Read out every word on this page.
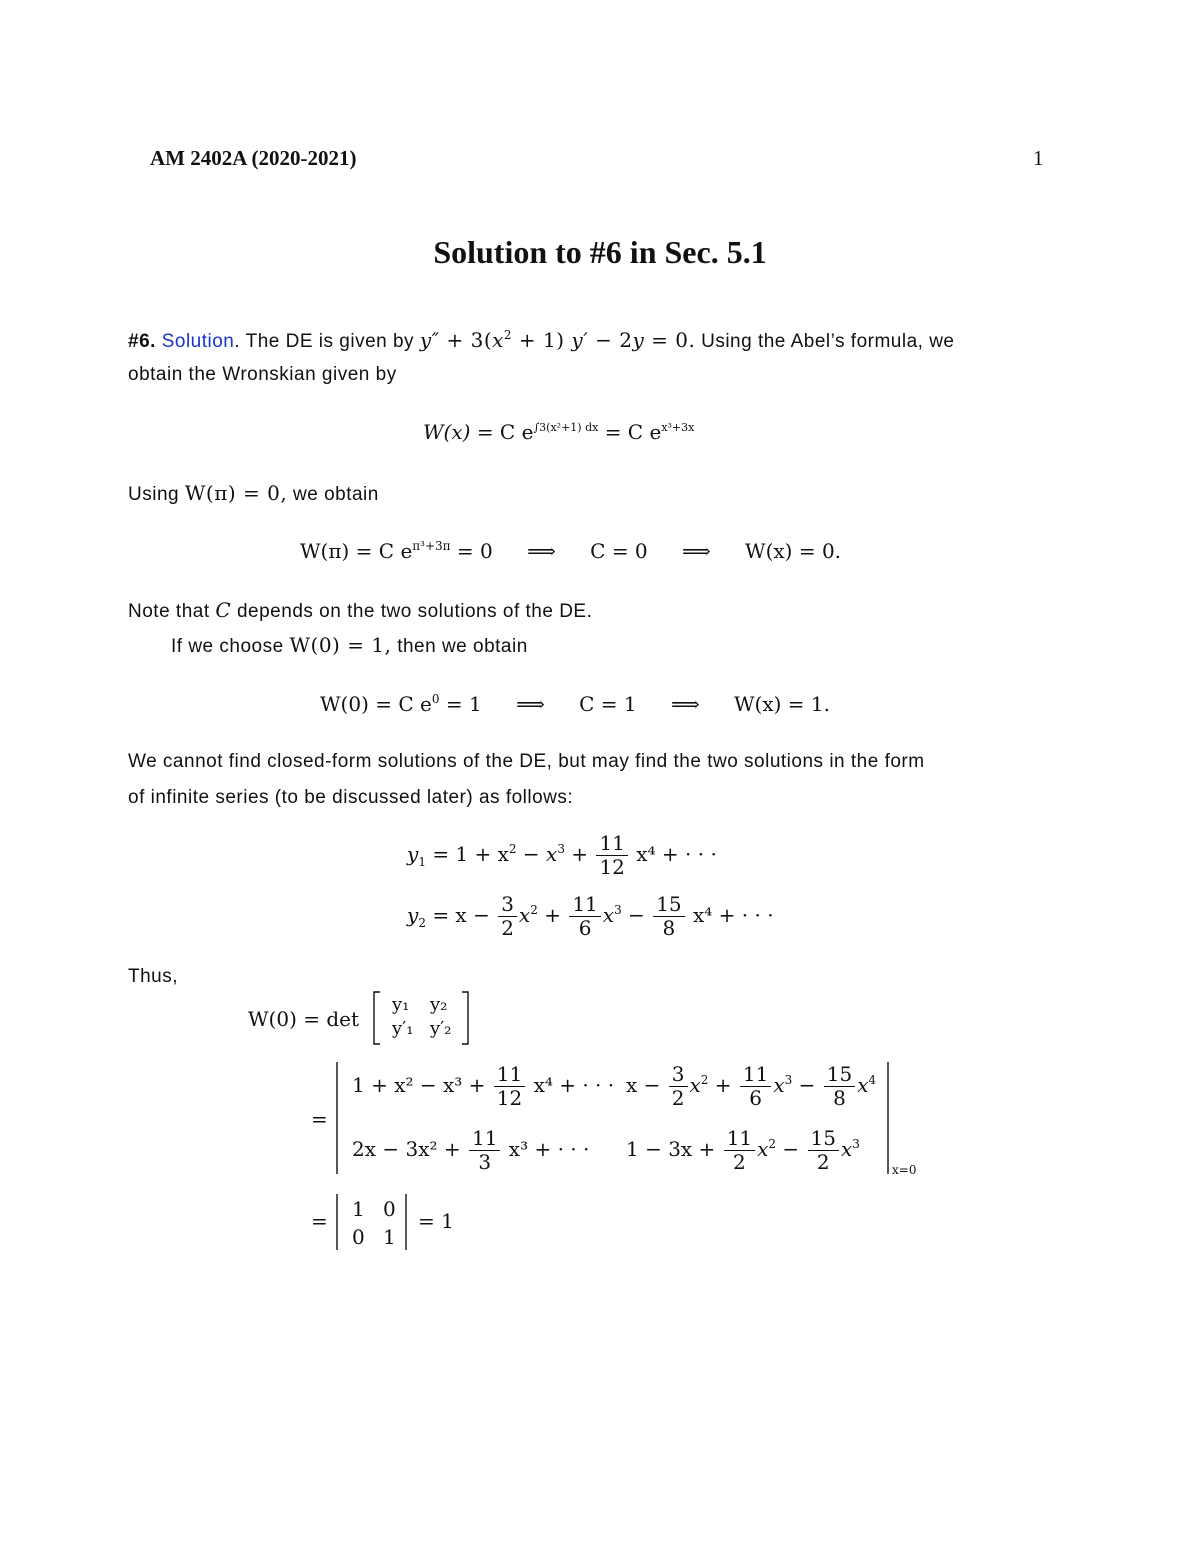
AM 2402A (2020-2021)	1
Solution to #6 in Sec. 5.1
#6. Solution. The DE is given by $y'' + 3(x^2 + 1) y' - 2y = 0$. Using the Abel’s formula, we
obtain the Wronskian given by
W(x) = C $e^{\int 3(x^2+1) dx} = C$ $e^{x^3+3x}$
Using W(π) = 0, we obtain
W(π) = C $e^{\pi^3+3\pi} = 0$ ⟹ C = 0 ⟹ W(x) = 0.
Note that C depends on the two solutions of the DE.
If we choose W(0) = 1, then we obtain
W(0) = C $e^0 = 1$ ⟹ C = 1 ⟹ W(x) = 1.
We cannot find closed-form solutions of the DE, but may find the two solutions in the form
of infinite series (to be discussed later) as follows:
$y_1 = 1 + x^2 - x^3 + \frac{11}{12} x^4$ + · · ·
$y_2 = x - \frac{3}{2} x^2 + \frac{11}{6} x^3 - \frac{15}{8} x^4$ + · · ·
Thus,
W(0) = det
y₁ y₂
y′₁ y′₂
=
x=0
$1 + x^2 - x^3 + \frac{11}{12} x^4$ + · · · $x - \frac{3}{2} x^2 + \frac{11}{6} x^3 - \frac{15}{8} x^4$
$2x - 3x^2 + \frac{11}{3} x^3$ + · · · $1 - 3x + \frac{11}{2} x^2 - \frac{15}{2} x^3$
= 1 0
0 1
= 1
